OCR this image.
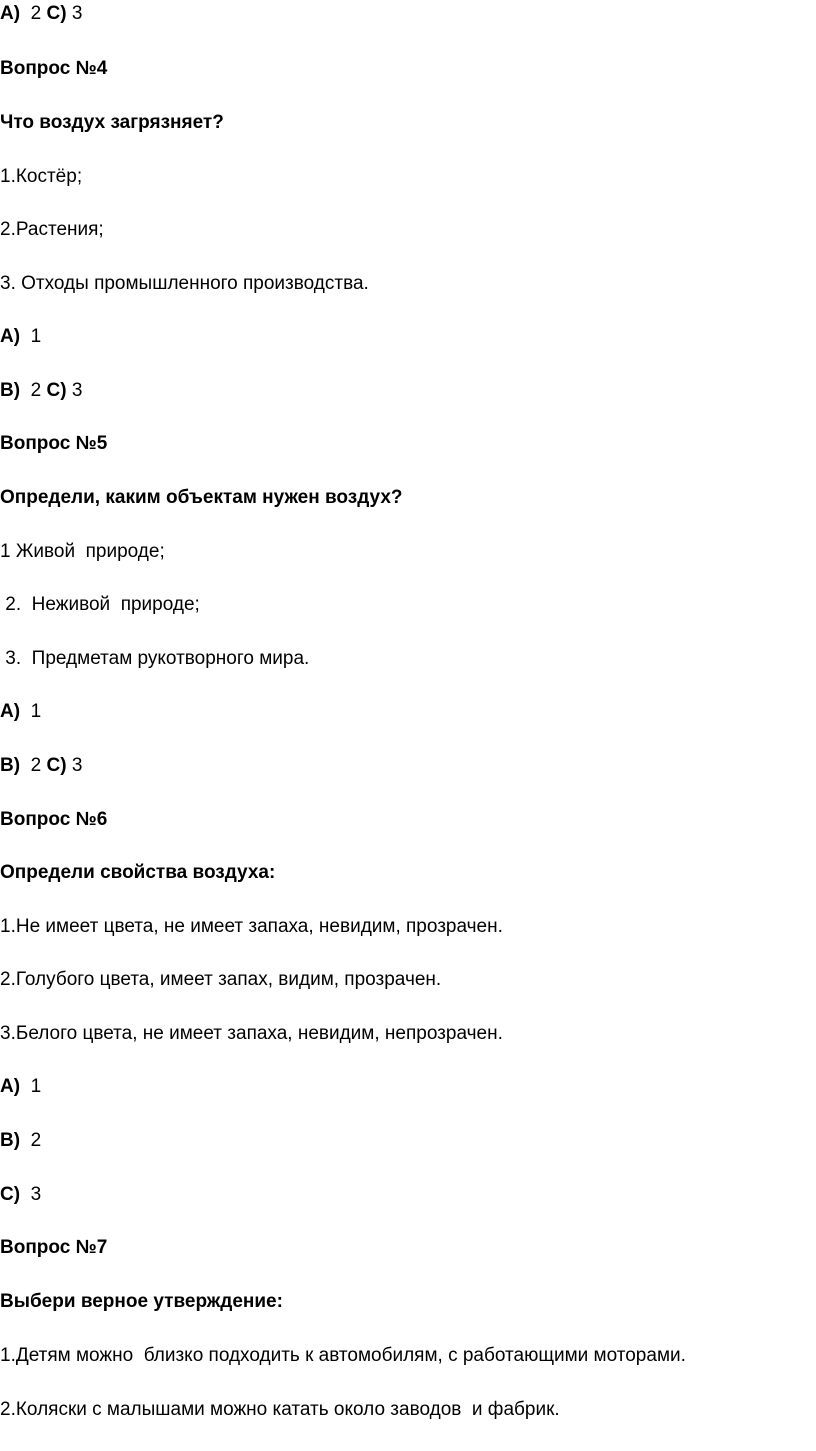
A) 2 C) 3

Вопрос №4

Что воздух загрязняет?

1.Костёр;

2.Растения;

3. Отходы промышленного производства.

A) 1

B) 2 C) 3

Вопрос №5

Определи, каким объектам нужен воздух?

1 Живой  природе;

2.  Неживой  природе;

3.  Предметам рукотворного мира.

A) 1

B) 2 C) 3

Вопрос №6

Определи свойства воздуха:

1.Не имеет цвета, не имеет запаха, невидим, прозрачен.

2.Голубого цвета, имеет запах, видим, прозрачен.

3.Белого цвета, не имеет запаха, невидим, непрозрачен.

A) 1

B) 2

C) 3

Вопрос №7

Выбери верное утверждение:

1.Детям можно  близко подходить к автомобилям, с работающими моторами.

2.Коляски с малышами можно катать около заводов  и фабрик.
